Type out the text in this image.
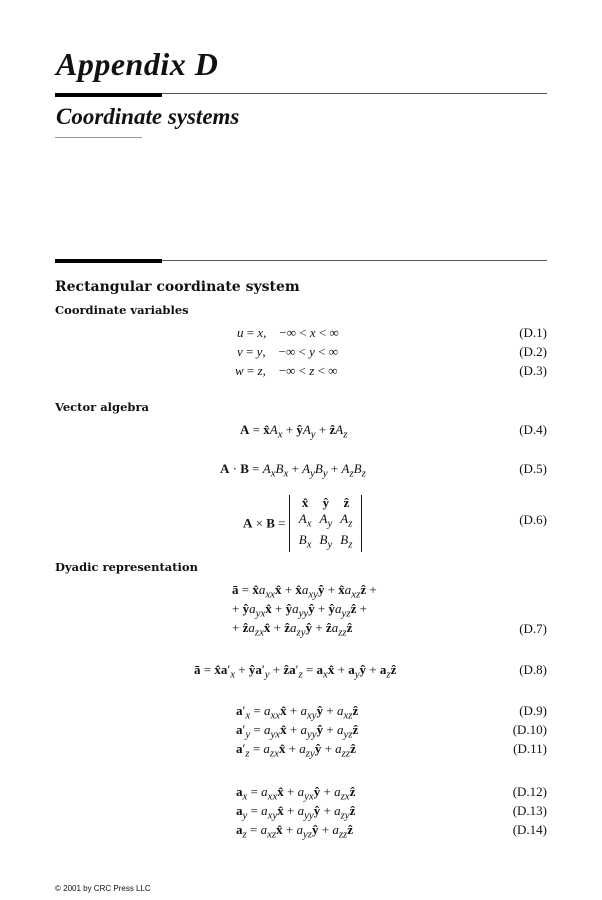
Appendix D
Coordinate systems
Rectangular coordinate system
Coordinate variables
u = x,    −∞ < x < ∞	(D.1)
v = y,    −∞ < y < ∞	(D.2)
w = z,    −∞ < z < ∞	(D.3)
Vector algebra
$A = x̂A_x$ + $ŷA_y$ + ẑA$_z$	(D.4)
$A \cdot B = A_xB_x + A_yB_y + A_zB_z$	(D.5)
A × B =
x̂	ŷ	ẑ
$A_x$	$A_y$	$A_z$
$B_x$	$B_y$	$B_z$
(D.6)
Dyadic representation
ā = $x̂a_{xx}x̂$ + $x̂a_{xy}ŷ$ + $x̂a_{xz}ẑ$ +
+ $ŷa_{yx}x̂$ + $ŷa_{yy}ŷ$ + $ŷa_{yz}ẑ$ +
+ ẑa$_{zx}$x̂ + ẑa$_{zy}$ŷ + ẑa$_{zz}$ẑ	(D.7)
ā = $x̂a'_x$ + $ŷa'_y$ + $ẑa'_z$ = $a_xx̂$ + $a_yŷ$ + $a_zẑ$	(D.8)
$a'_x$ = $a_{xx}x̂$ + $a_{xy}ŷ$ + $a_{xz}ẑ$	(D.9)
$a'_y$ = $a_{yx}x̂$ + $a_{yy}ŷ$ + $a_{yz}ẑ$	(D.10)
$a'_z$ = $a_{zx}x̂$ + $a_{zy}ŷ$ + $a_{zz}ẑ$	(D.11)
$a_x$ = $a_{xx}x̂$ + $a_{yx}ŷ$ + $a_{zx}ẑ$	(D.12)
$a_y$ = $a_{xy}x̂$ + $a_{yy}ŷ$ + $a_{zy}ẑ$	(D.13)
$a_z$ = $a_{xz}x̂$ + $a_{yz}ŷ$ + $a_{zz}ẑ$	(D.14)
© 2001 by CRC Press LLC
